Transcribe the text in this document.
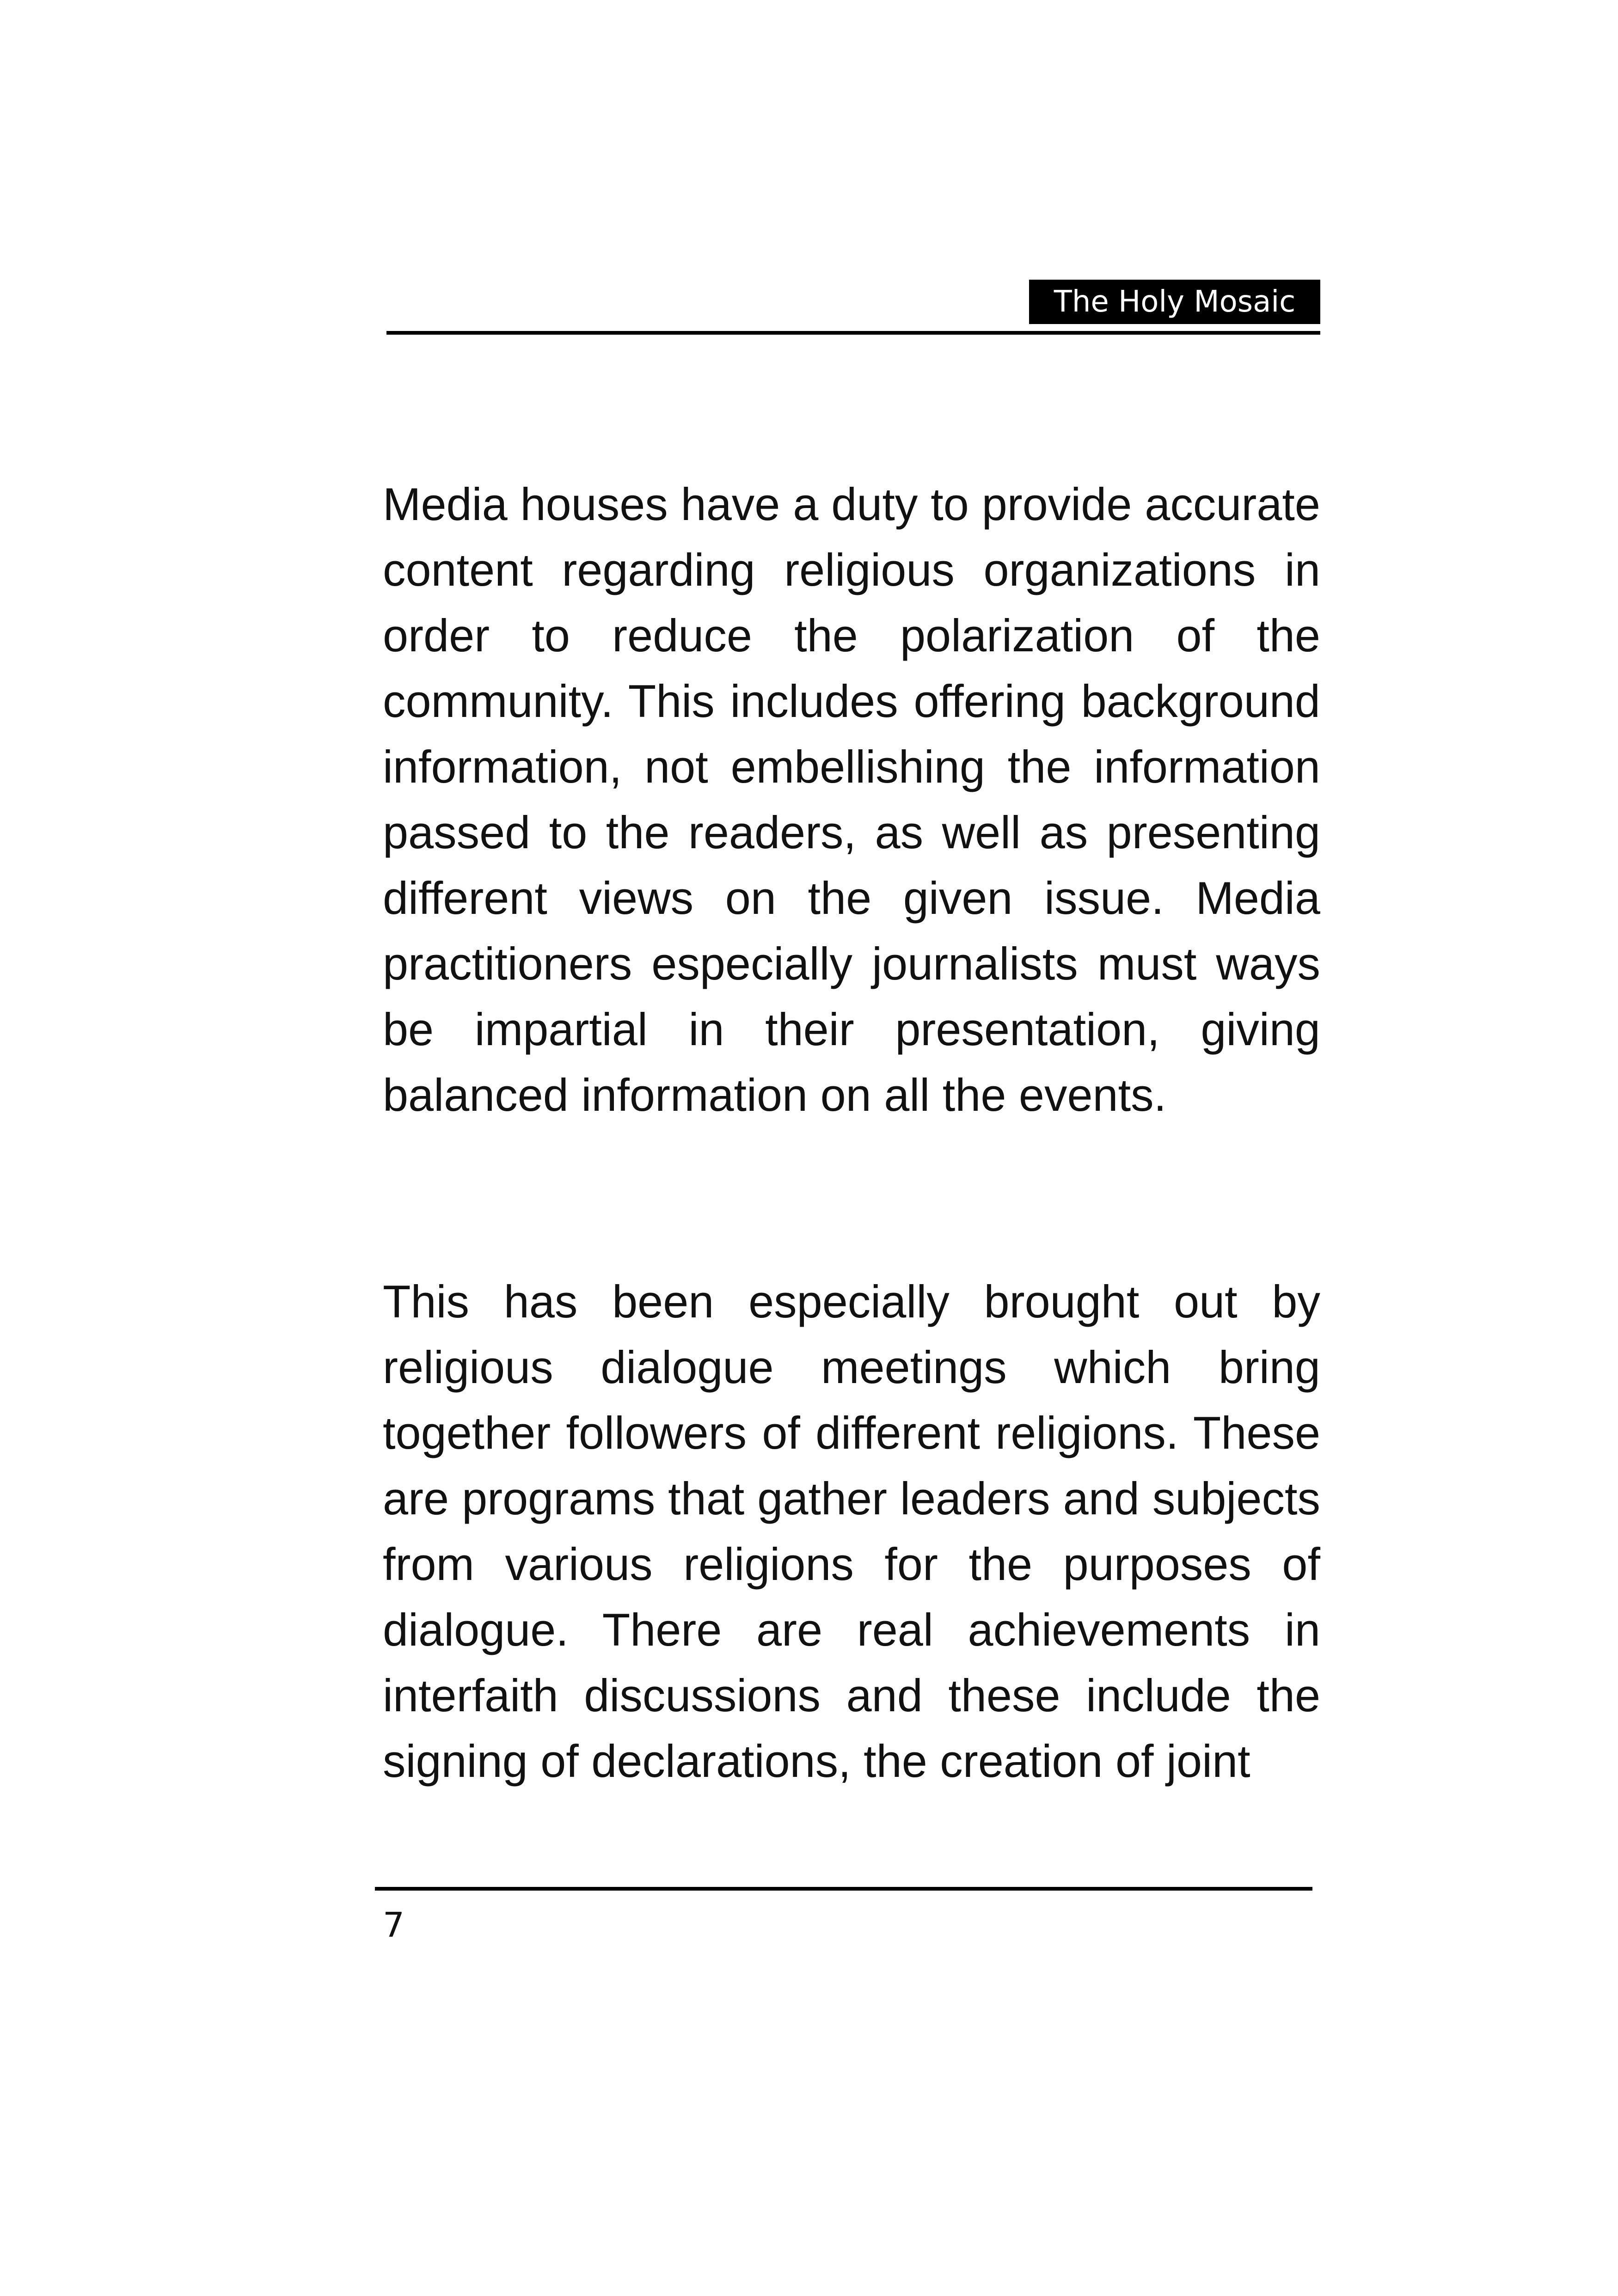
The Holy Mosaic

Media houses have a duty to provide accurate content regarding religious organizations in order to reduce the polarization of the community. This includes offering background information, not embellishing the information passed to the readers, as well as presenting different views on the given issue. Media practitioners especially journalists must ways be impartial in their presentation, giving balanced information on all the events.

This has been especially brought out by religious dialogue meetings which bring together followers of different religions. These are programs that gather leaders and subjects from various religions for the purposes of dialogue. There are real achievements in interfaith discussions and these include the signing of declarations, the creation of joint

7
